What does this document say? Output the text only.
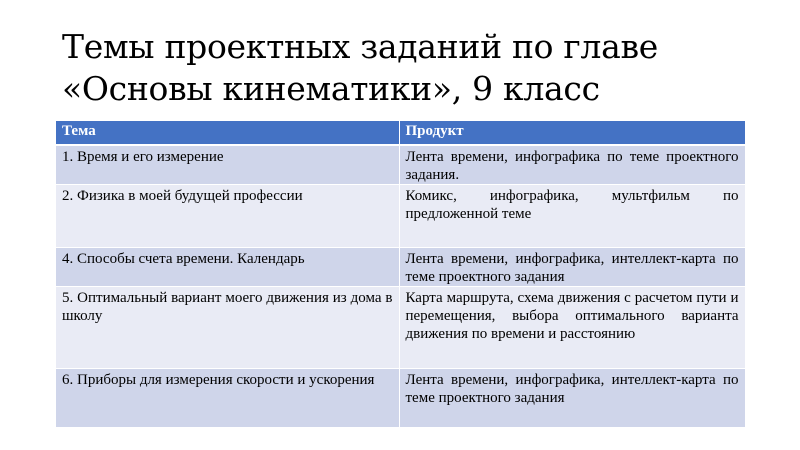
Темы проектных заданий по главе
«Основы кинематики», 9 класс
Тема	Продукт
1. Время и его измерение	Лента времени, инфографика по теме проектного задания.
2. Физика в моей будущей профессии	Комикс, инфографика, мультфильм по предложенной теме
4. Способы счета времени. Календарь	Лента времени, инфографика, интеллект-карта по теме проектного задания
5. Оптимальный вариант моего движения из дома в школу	Карта маршрута, схема движения с расчетом пути и перемещения, выбора оптимального варианта движения по времени и расстоянию
6. Приборы для измерения скорости и ускорения	Лента времени, инфографика, интеллект-карта по теме проектного задания
